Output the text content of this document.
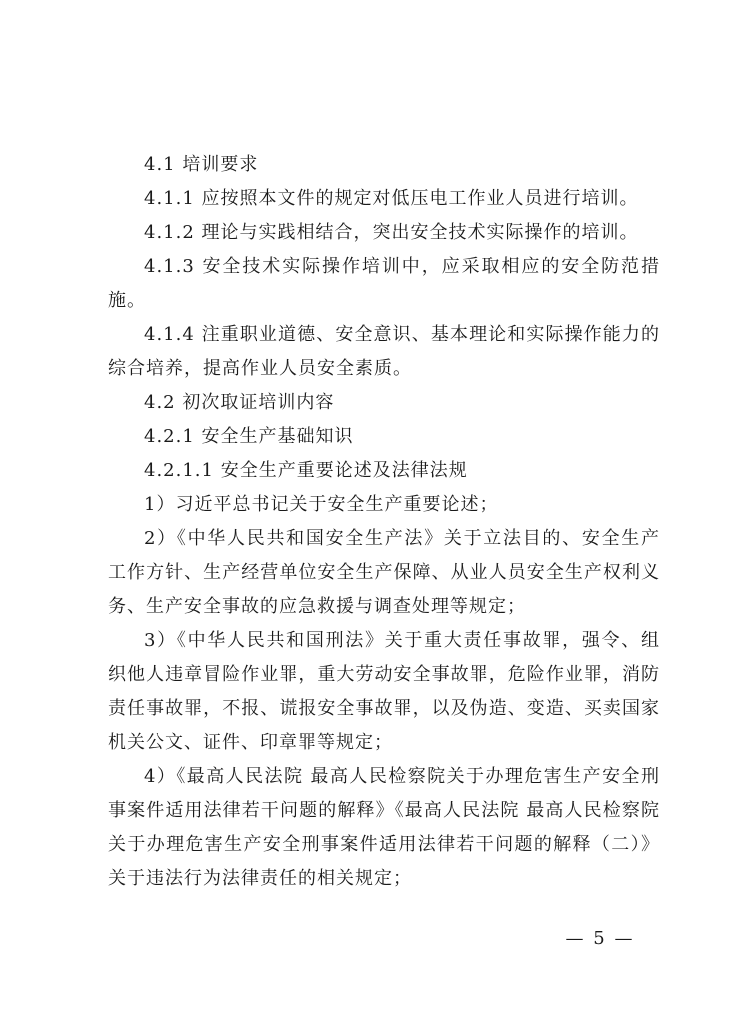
4.1 培训要求

4.1.1 应按照本文件的规定对低压电工作业人员进行培训。

4.1.2 理论与实践相结合，突出安全技术实际操作的培训。

4.1.3 安全技术实际操作培训中，应采取相应的安全防范措施。

4.1.4 注重职业道德、安全意识、基本理论和实际操作能力的综合培养，提高作业人员安全素质。

4.2 初次取证培训内容

4.2.1 安全生产基础知识

4.2.1.1 安全生产重要论述及法律法规

1）习近平总书记关于安全生产重要论述；

2）《中华人民共和国安全生产法》关于立法目的、安全生产工作方针、生产经营单位安全生产保障、从业人员安全生产权利义务、生产安全事故的应急救援与调查处理等规定；

3）《中华人民共和国刑法》关于重大责任事故罪，强令、组织他人违章冒险作业罪，重大劳动安全事故罪，危险作业罪，消防责任事故罪，不报、谎报安全事故罪，以及伪造、变造、买卖国家机关公文、证件、印章罪等规定；

4）《最高人民法院 最高人民检察院关于办理危害生产安全刑事案件适用法律若干问题的解释》《最高人民法院 最高人民检察院关于办理危害生产安全刑事案件适用法律若干问题的解释（二）》关于违法行为法律责任的相关规定；

— 5 —
